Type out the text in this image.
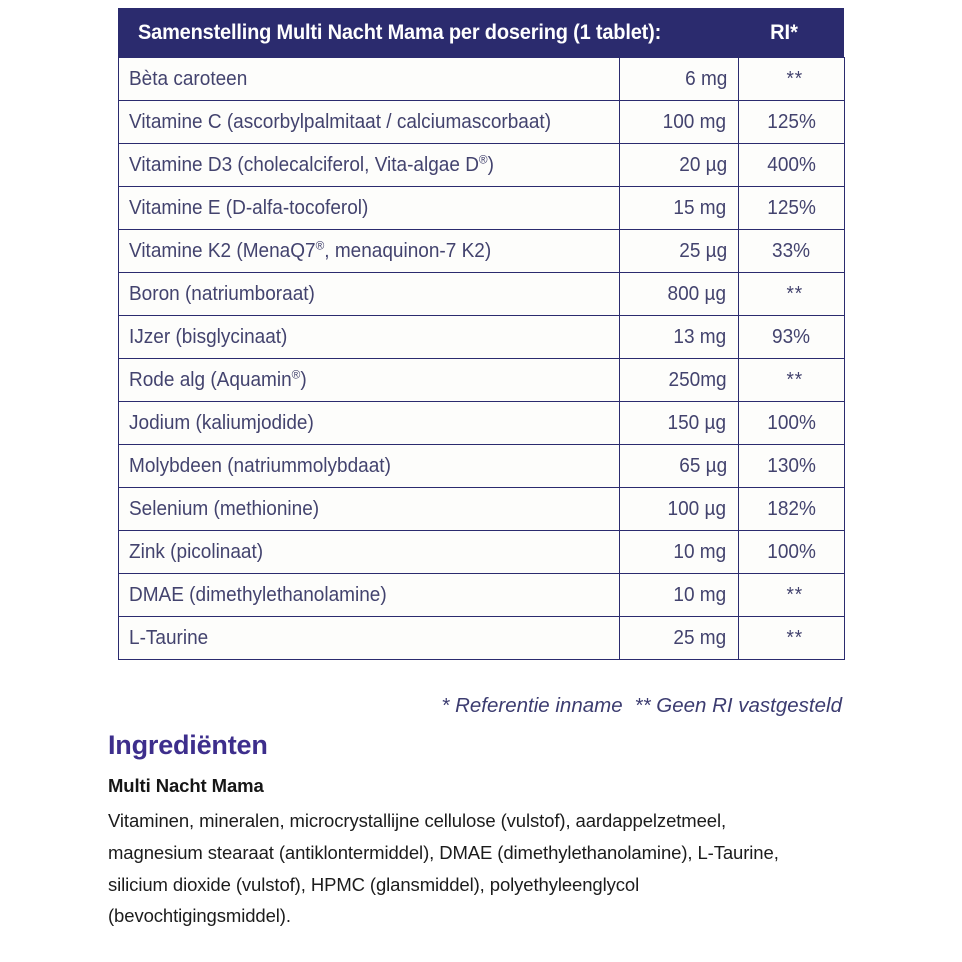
Samenstelling Multi Nacht Mama per dosering (1 tablet):	RI*
Bèta caroteen	6 mg	**
Vitamine C (ascorbylpalmitaat / calciumascorbaat)	100 mg	125%
Vitamine D3 (cholecalciferol, Vita-algae D®)	20 µg	400%
Vitamine E (D-alfa-tocoferol)	15 mg	125%
Vitamine K2 (MenaQ7®, menaquinon-7 K2)	25 µg	33%
Boron (natriumboraat)	800 µg	**
IJzer (bisglycinaat)	13 mg	93%
Rode alg (Aquamin®)	250mg	**
Jodium (kaliumjodide)	150 µg	100%
Molybdeen (natriummolybdaat)	65 µg	130%
Selenium (methionine)	100 µg	182%
Zink (picolinaat)	10 mg	100%
DMAE (dimethylethanolamine)	10 mg	**
L-Taurine	25 mg	**
* Referentie inname ** Geen RI vastgesteld
Ingrediënten

Multi Nacht Mama

Vitaminen, mineralen, microcrystallijne cellulose (vulstof), aardappelzetmeel, magnesium stearaat (antiklontermiddel), DMAE (dimethylethanolamine), L-Taurine, silicium dioxide (vulstof), HPMC (glansmiddel), polyethyleenglycol (bevochtigingsmiddel).
